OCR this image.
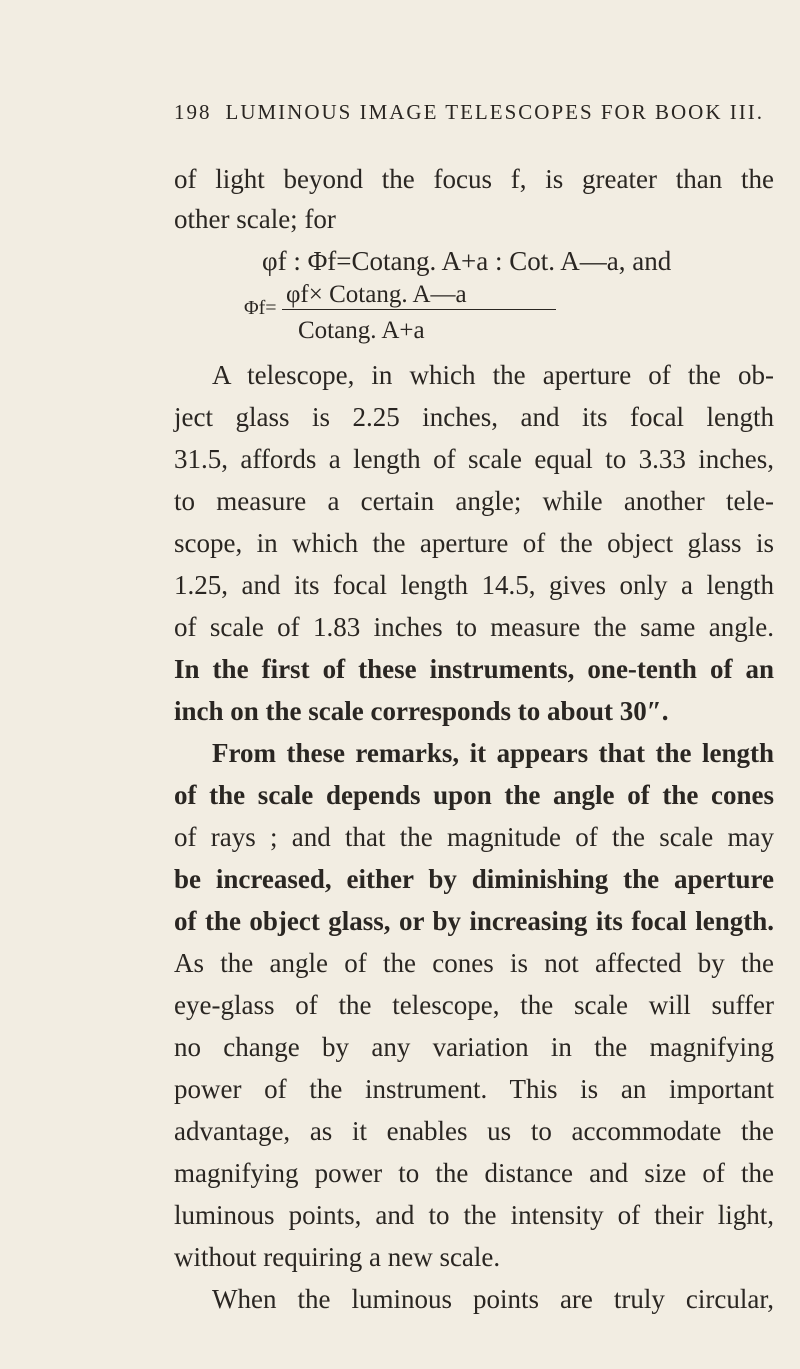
198 LUMINOUS IMAGE TELESCOPES FOR BOOK III.
of light beyond the focus f, is greater than the
other scale; for
φf : Φf=Cotang. A+a : Cot. A—a, and
φf× Cotang. A—a
Φf=
Cotang. A+a
A telescope, in which the aperture of the ob-
ject glass is 2.25 inches, and its focal length
31.5, affords a length of scale equal to 3.33 inches,
to measure a certain angle; while another tele-
scope, in which the aperture of the object glass is
1.25, and its focal length 14.5, gives only a length
of scale of 1.83 inches to measure the same angle.
In the first of these instruments, one-tenth of an
inch on the scale corresponds to about 30″.
From these remarks, it appears that the length
of the scale depends upon the angle of the cones
of rays ; and that the magnitude of the scale may
be increased, either by diminishing the aperture
of the object glass, or by increasing its focal length.
As the angle of the cones is not affected by the
eye-glass of the telescope, the scale will suffer
no change by any variation in the magnifying
power of the instrument. This is an important
advantage, as it enables us to accommodate the
magnifying power to the distance and size of the
luminous points, and to the intensity of their light,
without requiring a new scale.
When the luminous points are truly circular,
